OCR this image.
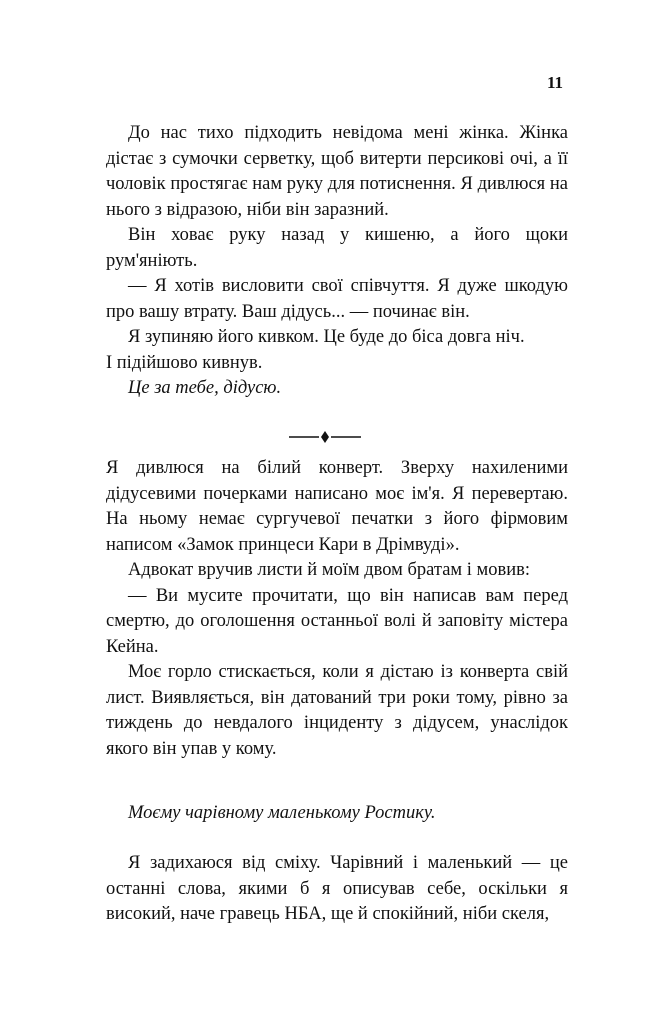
11

До нас тихо підходить невідома мені жінка. Жінка дістає з сумочки серветку, щоб витерти персикові очі, а її чоловік простягає нам руку для потиснення. Я дивлюся на нього з відразою, ніби він заразний.

Він ховає руку назад у кишеню, а його щоки рум'яніють.

— Я хотів висловити свої співчуття. Я дуже шкодую про вашу втрату. Ваш дідусь... — починає він.

Я зупиняю його кивком. Це буде до біса довга ніч.

І підійшово кивнув.

Це за тебе, дідусю.

Я дивлюся на білий конверт. Зверху нахиленими дідусевими почерками написано моє ім'я. Я перевертаю. На ньому немає сургучевої печатки з його фірмовим написом «Замок принцеси Кари в Дрімвуді».

Адвокат вручив листи й моїм двом братам і мовив:

— Ви мусите прочитати, що він написав вам перед смертю, до оголошення останньої волі й заповіту містера Кейна.

Моє горло стискається, коли я дістаю із конверта свій лист. Виявляється, він датований три роки тому, рівно за тиждень до невдалого інциденту з дідусем, унаслідок якого він упав у кому.

Моєму чарівному маленькому Ростику.

Я задихаюся від сміху. Чарівний і маленький — це останні слова, якими б я описував себе, оскільки я високий, наче гравець НБА, ще й спокійний, ніби скеля,
